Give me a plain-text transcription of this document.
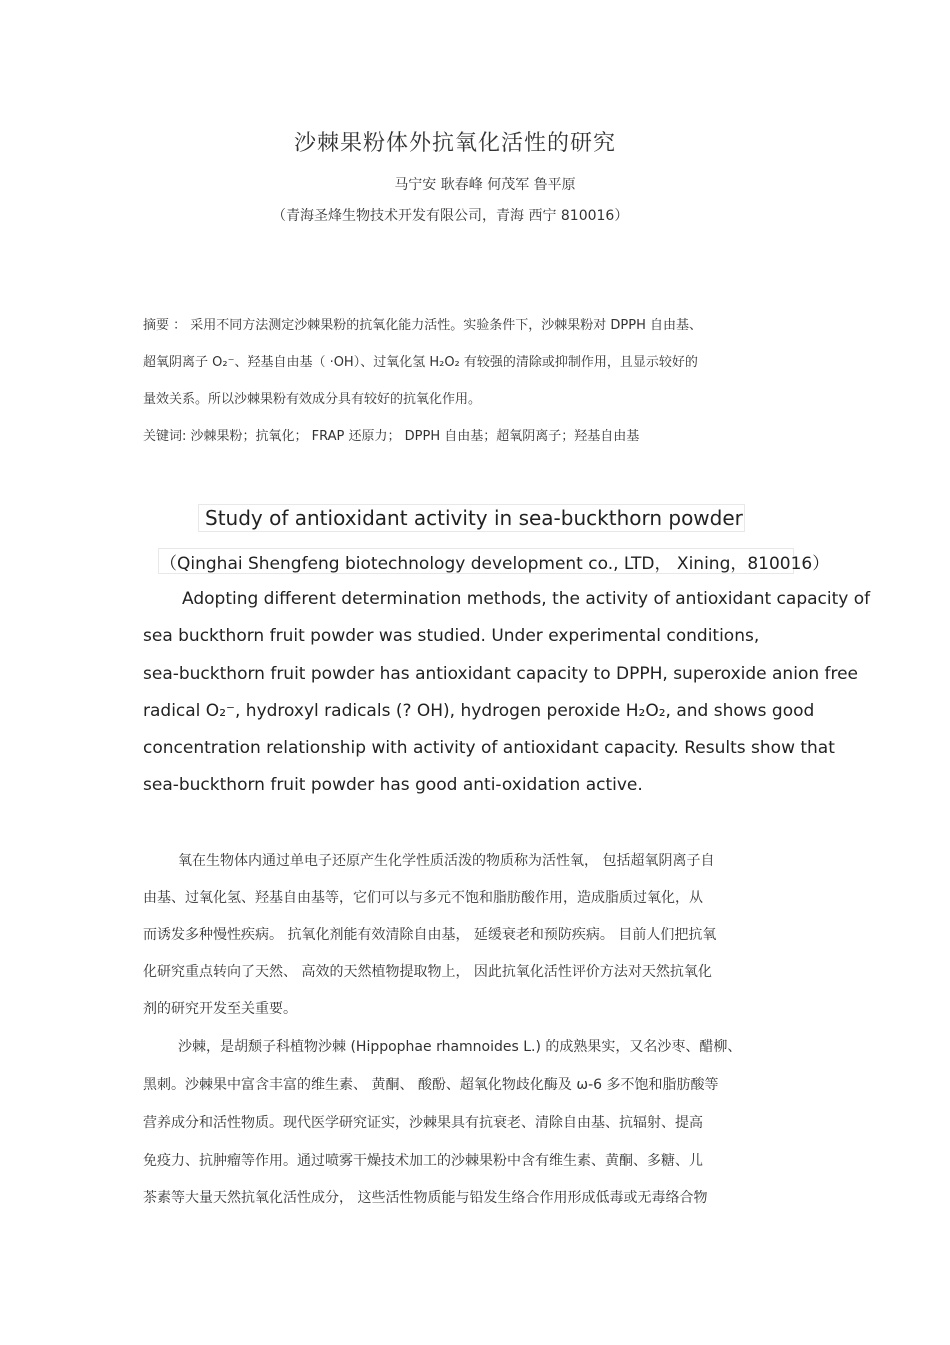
沙棘果粉体外抗氧化活性的研究
马宁安 耿春峰 何茂军 鲁平原
（青海圣烽生物技术开发有限公司，青海 西宁 810016）
摘要 ： 采用不同方法测定沙棘果粉的抗氧化能力活性。实验条件下，沙棘果粉对 DPPH 自由基、
超氧阴离子 O₂⁻、羟基自由基（ ·OH）、过氧化氢 H₂O₂ 有较强的清除或抑制作用，且显示较好的
量效关系。所以沙棘果粉有效成分具有较好的抗氧化作用。
关键词: 沙棘果粉；抗氧化； FRAP 还原力； DPPH 自由基；超氧阴离子；羟基自由基
Study of antioxidant activity in sea-buckthorn powder
（Qinghai Shengfeng biotechnology development co., LTD， Xining，810016）
Adopting different determination methods, the activity of antioxidant capacity of
sea buckthorn fruit powder was studied. Under experimental conditions,
sea-buckthorn fruit powder has antioxidant capacity to DPPH, superoxide anion free
radical O₂⁻, hydroxyl radicals (? OH), hydrogen peroxide H₂O₂, and shows good
concentration relationship with activity of antioxidant capacity. Results show that
sea-buckthorn fruit powder has good anti-oxidation active.
氧在生物体内通过单电子还原产生化学性质活泼的物质称为活性氧， 包括超氧阴离子自
由基、过氧化氢、羟基自由基等，它们可以与多元不饱和脂肪酸作用，造成脂质过氧化，从
而诱发多种慢性疾病。 抗氧化剂能有效清除自由基， 延缓衰老和预防疾病。 目前人们把抗氧
化研究重点转向了天然、 高效的天然植物提取物上， 因此抗氧化活性评价方法对天然抗氧化
剂的研究开发至关重要。
沙棘，是胡颓子科植物沙棘 (Hippophae rhamnoides L.) 的成熟果实，又名沙枣、醋柳、
黑刺。沙棘果中富含丰富的维生素、 黄酮、 酸酚、超氧化物歧化酶及 ω-6 多不饱和脂肪酸等
营养成分和活性物质。现代医学研究证实，沙棘果具有抗衰老、清除自由基、抗辐射、提高
免疫力、抗肿瘤等作用。通过喷雾干燥技术加工的沙棘果粉中含有维生素、黄酮、多糖、儿
茶素等大量天然抗氧化活性成分， 这些活性物质能与铅发生络合作用形成低毒或无毒络合物
